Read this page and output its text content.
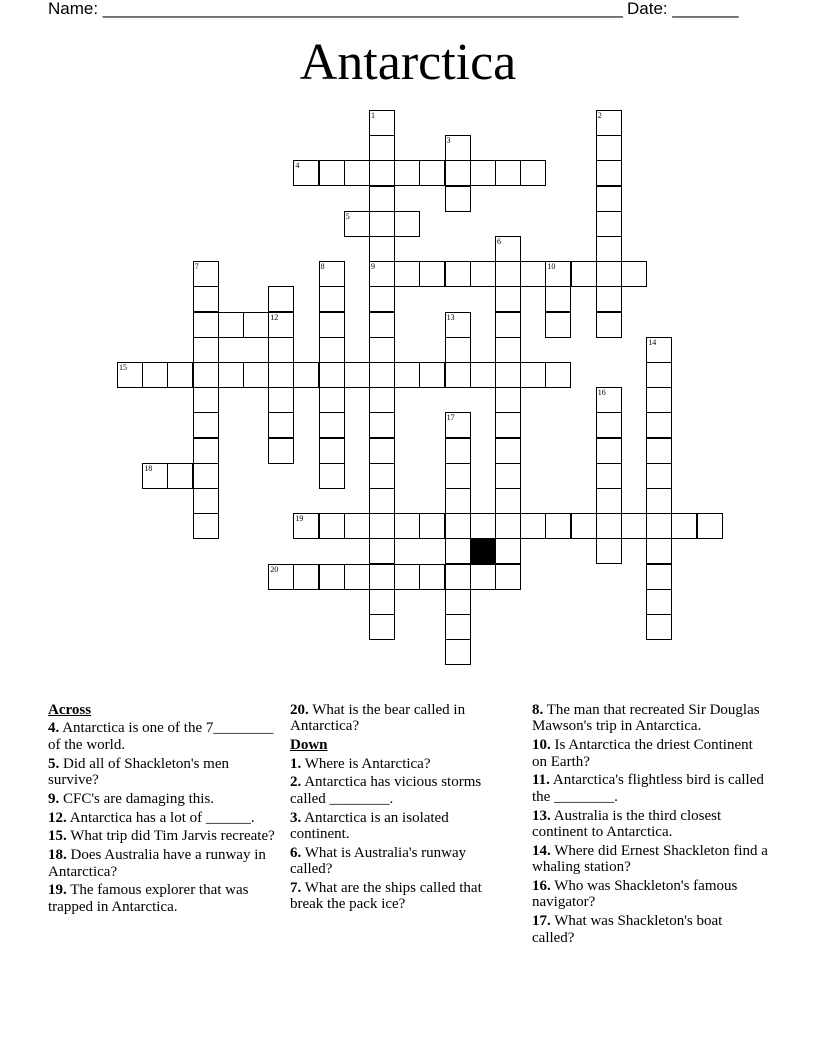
Name: _______________________________________________________ Date: _______
Antarctica
1
9
2
3
4
5
6
7	8	10
12	13
14
15
16
17
18
19
20
Across
4. Antarctica is one of the 7________ of the world.
5. Did all of Shackleton's men survive?
9. CFC's are damaging this.
12. Antarctica has a lot of ______.
15. What trip did Tim Jarvis recreate?
18. Does Australia have a runway in Antarctica?
19. The famous explorer that was trapped in Antarctica.
20. What is the bear called in Antarctica?
Down
1. Where is Antarctica?
2. Antarctica has vicious storms called ________.
3. Antarctica is an isolated continent.
6. What is Australia's runway called?
7. What are the ships called that break the pack ice?
8. The man that recreated Sir Douglas Mawson's trip in Antarctica.
10. Is Antarctica the driest Continent on Earth?
11. Antarctica's flightless bird is called the ________.
13. Australia is the third closest continent to Antarctica.
14. Where did Ernest Shackleton find a whaling station?
16. Who was Shackleton's famous navigator?
17. What was Shackleton's boat called?
